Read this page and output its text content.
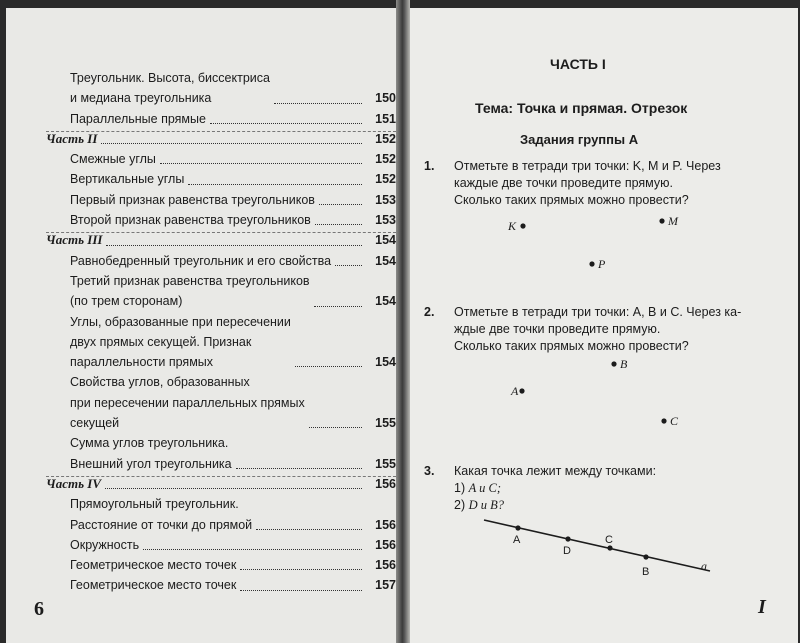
Треугольник. Высота, биссектриса
и медиана треугольника	150
Параллельные прямые	151
Часть II	152
Смежные углы	152
Вертикальные углы	152
Первый признак равенства треугольников	153
Второй признак равенства треугольников	153
Часть III	154
Равнобедренный треугольник и его свойства	154
Третий признак равенства треугольников
(по трем сторонам)	154
Углы, образованные при пересечении
двух прямых секущей. Признак
параллельности прямых	154
Свойства углов, образованных
при пересечении параллельных прямых
секущей	155
Сумма углов треугольника.
Внешний угол треугольника	155
Часть IV	156
Прямоугольный треугольник.
Расстояние от точки до прямой	156
Окружность	156
Геометрическое место точек	156
Геометрическое место точек	157
6
ЧАСТЬ I
Тема: Точка и прямая. Отрезок
Задания группы А
1. Отметьте в тетради три точки: K, M и P. Через
каждые две точки проведите прямую.
Сколько таких прямых можно провести?
2. Отметьте в тетради три точки: A, B и C. Через ка-
ждые две точки проведите прямую.
Сколько таких прямых можно провести?
3. Какая точка лежит между точками:
1) A и C;
2) D и B?
K	M
P
B
A
C
a
A
D
C
B
I
